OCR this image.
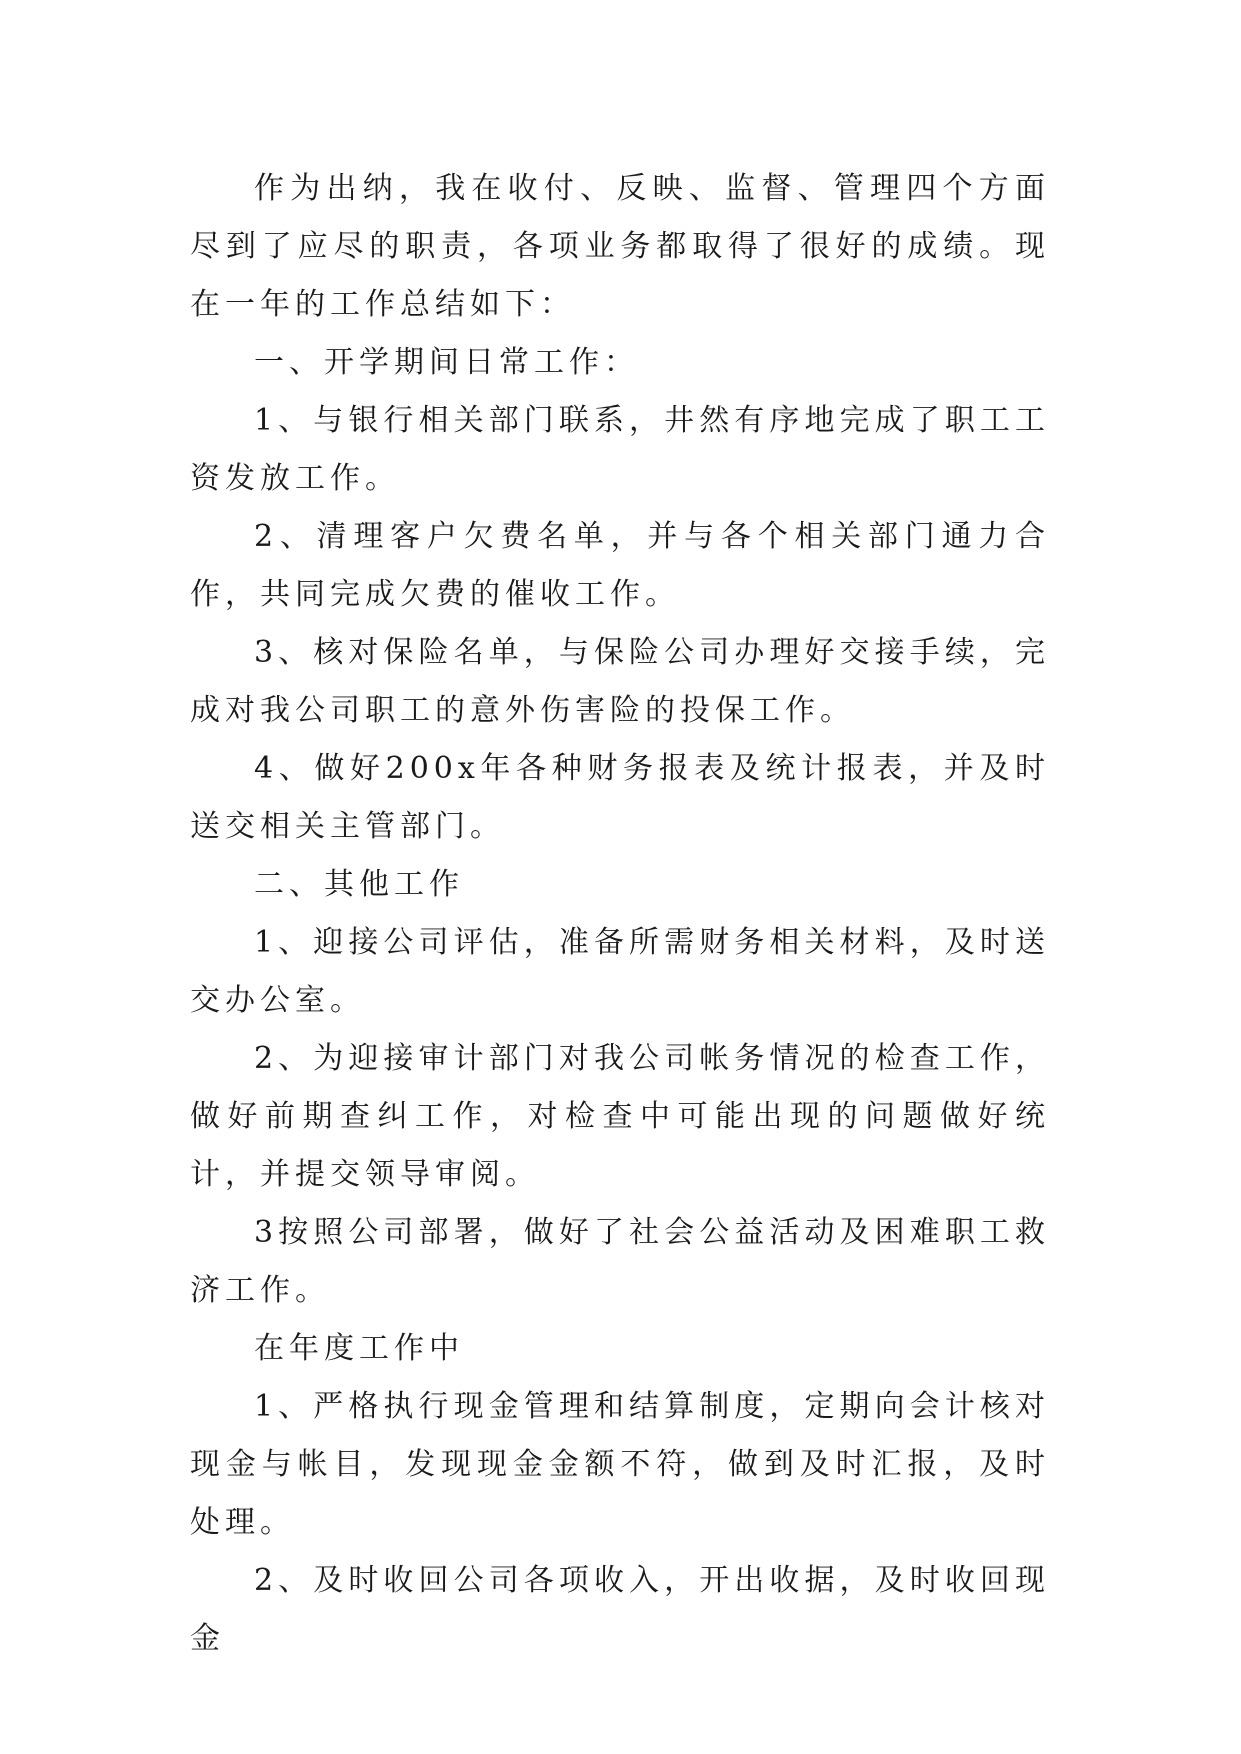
作为出纳，我在收付、反映、监督、管理四个方面尽到了应尽的职责，各项业务都取得了很好的成绩。现在一年的工作总结如下：

一、开学期间日常工作：

1、与银行相关部门联系，井然有序地完成了职工工资发放工作。

2、清理客户欠费名单，并与各个相关部门通力合作，共同完成欠费的催收工作。

3、核对保险名单，与保险公司办理好交接手续，完成对我公司职工的意外伤害险的投保工作。

4、做好200x年各种财务报表及统计报表，并及时送交相关主管部门。

二、其他工作

1、迎接公司评估，准备所需财务相关材料，及时送交办公室。

2、为迎接审计部门对我公司帐务情况的检查工作，做好前期查纠工作，对检查中可能出现的问题做好统计，并提交领导审阅。

3按照公司部署，做好了社会公益活动及困难职工救济工作。

在年度工作中

1、严格执行现金管理和结算制度，定期向会计核对现金与帐目，发现现金金额不符，做到及时汇报，及时处理。

2、及时收回公司各项收入，开出收据，及时收回现金
